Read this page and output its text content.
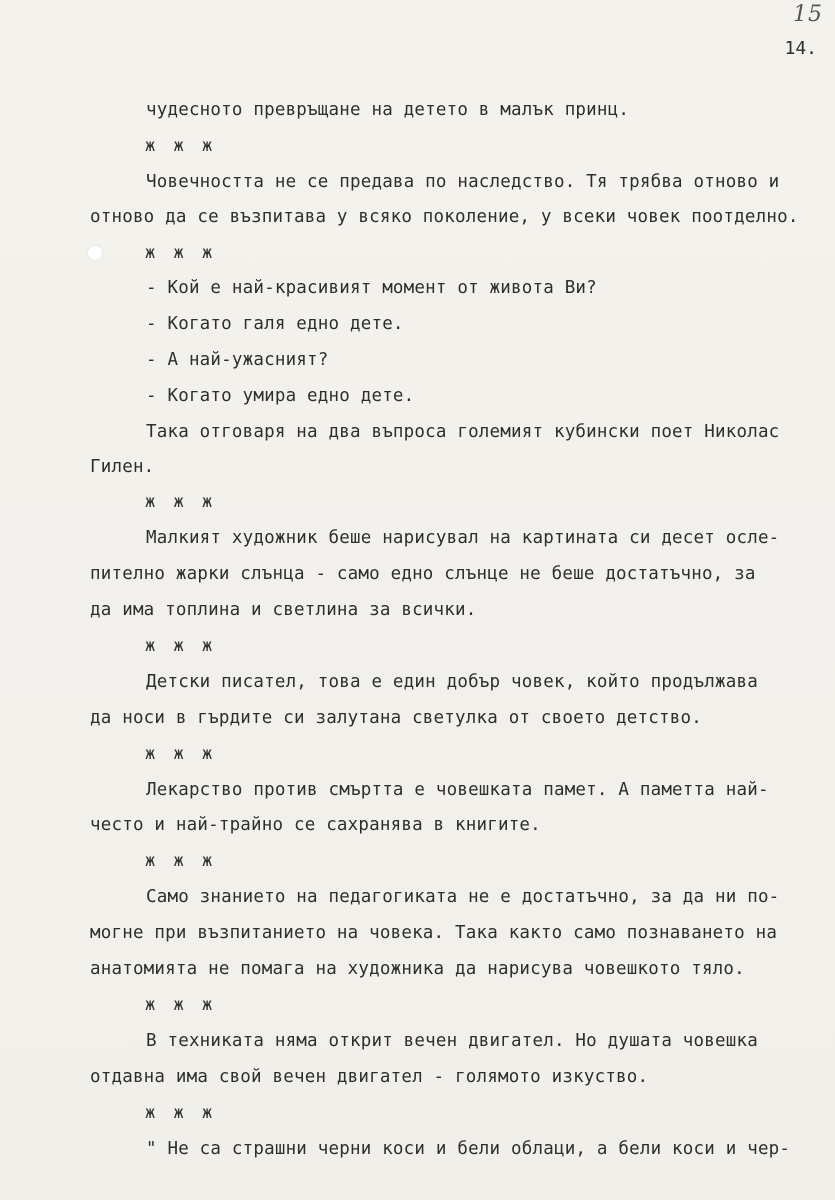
15
14.
чудесното превръщане на детето в малък принц.
ж ж ж
Човечността не се предава по наследство. Тя трябва отново и
отново да се възпитава у всяко поколение, у всеки човек поотделно.
ж ж ж
- Кой е най-красивият момент от живота Ви?
- Когато галя едно дете.
- А най-ужасният?
- Когато умира едно дете.
Така отговаря на два въпроса големият кубински поет Николас
Гилен.
ж ж ж
Малкият художник беше нарисувал на картината си десет осле-
пително жарки слънца - само едно слънце не беше достатъчно, за
да има топлина и светлина за всички.
ж ж ж
Детски писател, това е един добър човек, който продължава
да носи в гърдите си залутана светулка от своето детство.
ж ж ж
Лекарство против смъртта е човешката памет. А паметта най-
често и най-трайно се сахранява в книгите.
ж ж ж
Само знанието на педагогиката не е достатъчно, за да ни по-
могне при възпитанието на човека. Така както само познаването на
анатомията не помага на художника да нарисува човешкото тяло.
ж ж ж
В техниката няма открит вечен двигател. Но душата човешка
отдавна има свой вечен двигател - голямото изкуство.
ж ж ж
" Не са страшни черни коси и бели облаци, а бели коси и чер-
